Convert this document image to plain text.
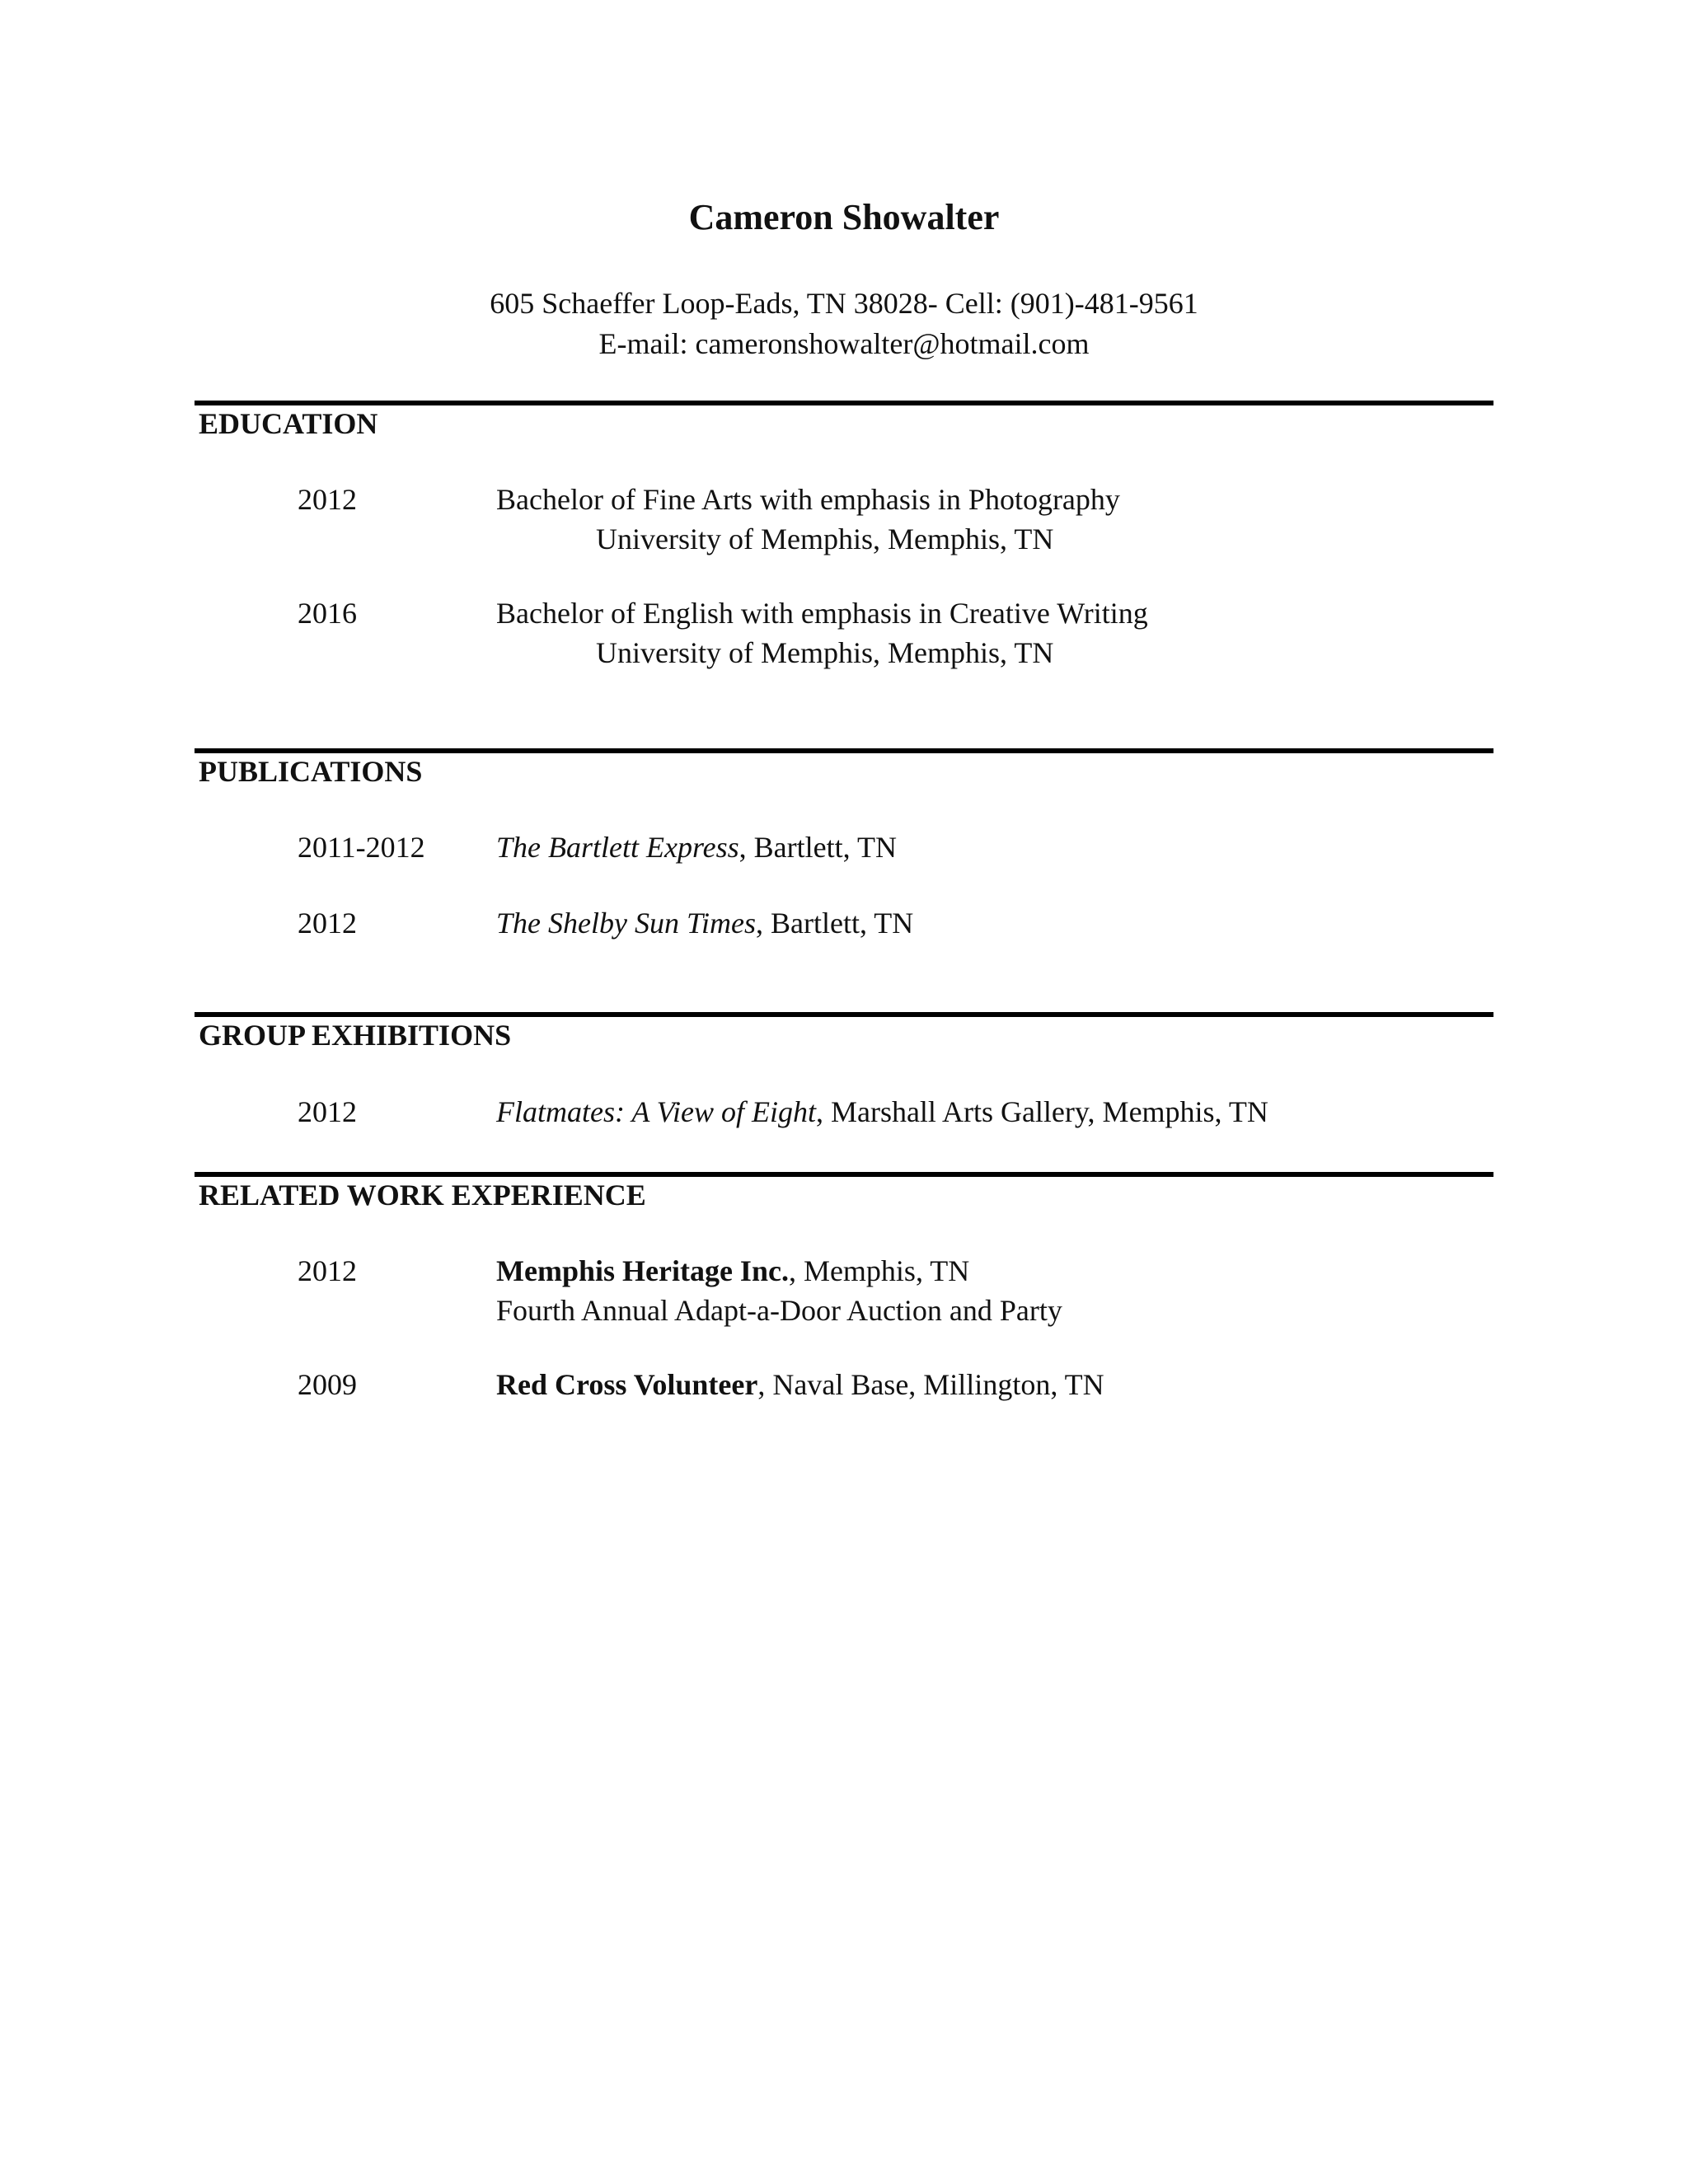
Cameron Showalter
605 Schaeffer Loop-Eads, TN 38028- Cell: (901)-481-9561
E-mail: cameronshowalter@hotmail.com
EDUCATION
2012	Bachelor of Fine Arts with emphasis in Photography
University of Memphis, Memphis, TN
2016	Bachelor of English with emphasis in Creative Writing
University of Memphis, Memphis, TN
PUBLICATIONS
2011-2012 The Bartlett Express, Bartlett, TN
2012	The Shelby Sun Times, Bartlett, TN
GROUP EXHIBITIONS
2012	Flatmates: A View of Eight, Marshall Arts Gallery, Memphis, TN
RELATED WORK EXPERIENCE
2012	Memphis Heritage Inc., Memphis, TN
Fourth Annual Adapt-a-Door Auction and Party
2009	Red Cross Volunteer, Naval Base, Millington, TN
